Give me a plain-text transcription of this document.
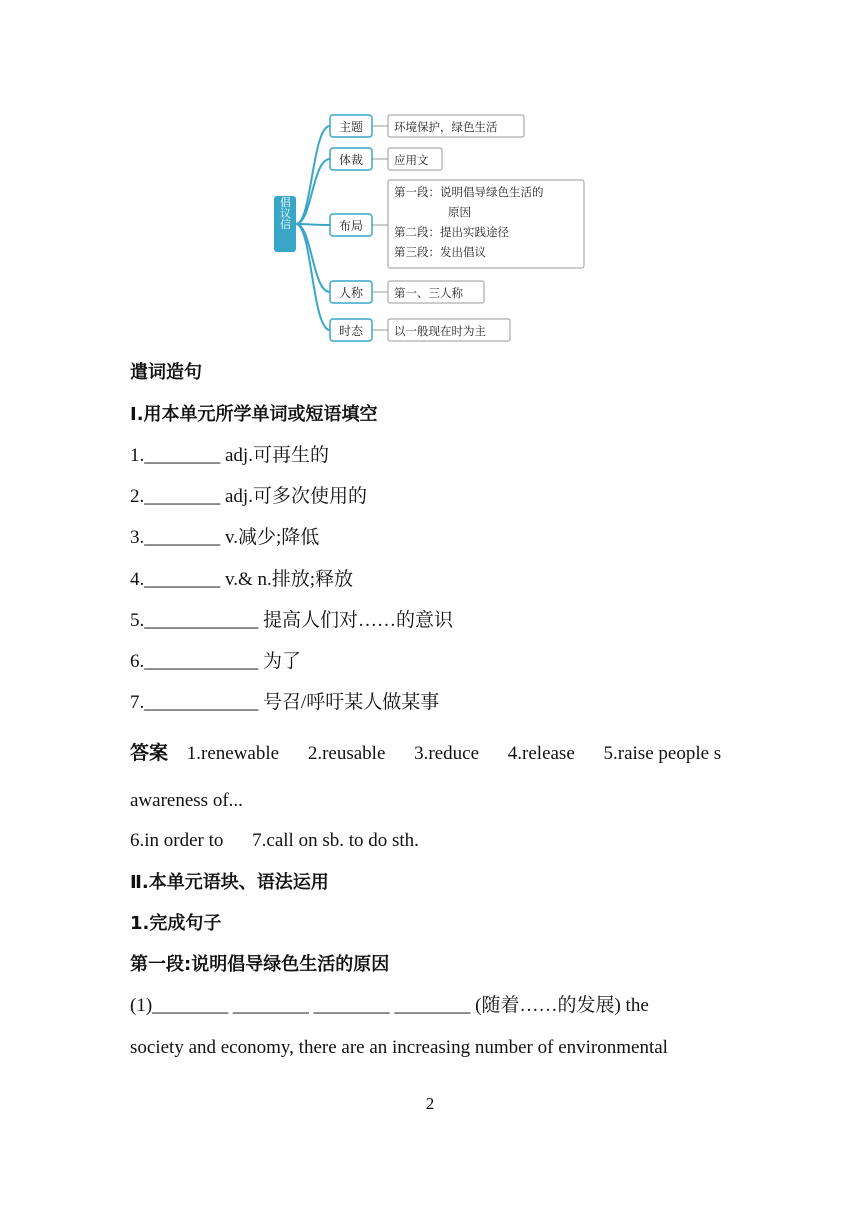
倡议信
主题	环境保护，绿色生活
体裁	应用文
布局
第一段：说明倡导绿色生活的
原因
第二段：提出实践途径
第三段：发出倡议
人称	第一、三人称
时态	以一般现在时为主
遣词造句
Ⅰ.用本单元所学单词或短语填空
1.________ adj.可再生的
2.________ adj.可多次使用的
3.________ v.减少;降低
4.________ v.& n.排放;释放
5.____________ 提高人们对……的意识
6.____________ 为了
7.____________ 号召/呼吁某人做某事
答案 1.renewable 2.reusable 3.reduce 4.release 5.raise people s
awareness of...
6.in order to 7.call on sb. to do sth.
Ⅱ.本单元语块、语法运用
1.完成句子
第一段:说明倡导绿色生活的原因
(1)________ ________ ________ ________ (随着……的发展) the
society and economy, there are an increasing number of environmental
2
